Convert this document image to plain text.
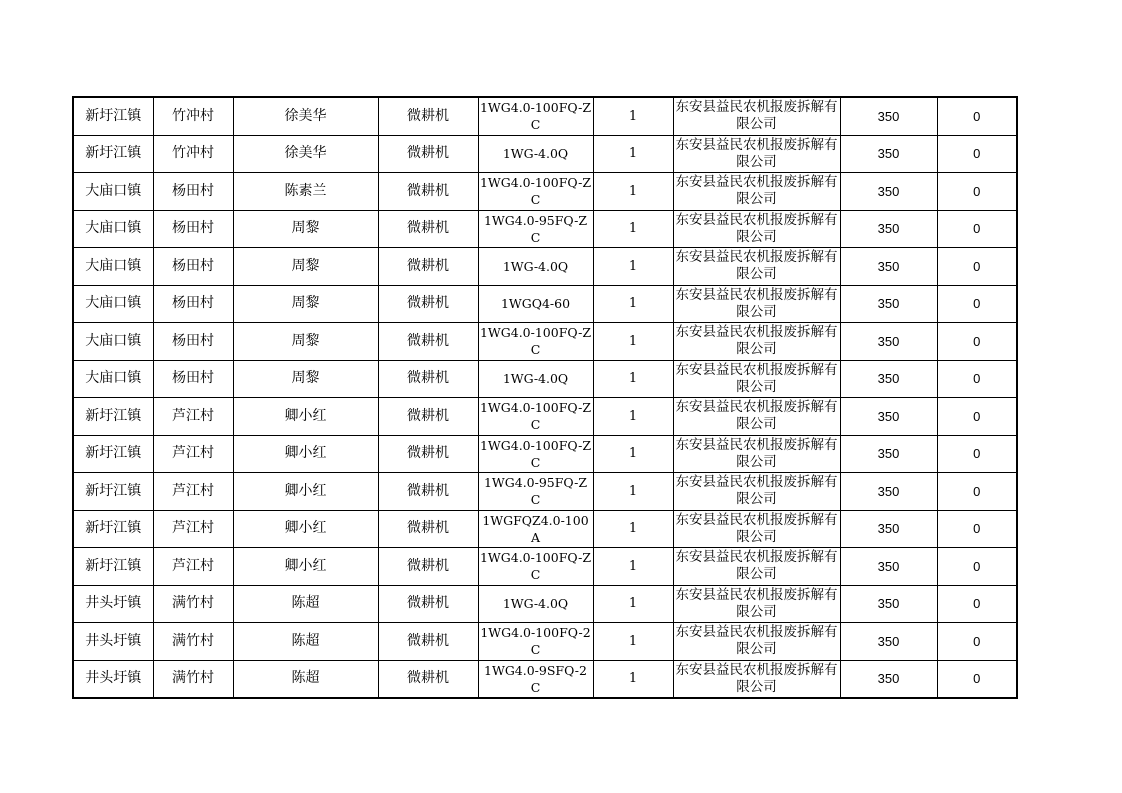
新圩江镇	竹冲村	徐美华	微耕机	1WG4.0-100FQ-ZC	1	东安县益民农机报废拆解有限公司	350	0
新圩江镇	竹冲村	徐美华	微耕机	1WG-4.0Q	1	东安县益民农机报废拆解有限公司	350	0
大庙口镇	杨田村	陈素兰	微耕机	1WG4.0-100FQ-ZC	1	东安县益民农机报废拆解有限公司	350	0
大庙口镇	杨田村	周黎	微耕机	1WG4.0-95FQ-ZC	1	东安县益民农机报废拆解有限公司	350	0
大庙口镇	杨田村	周黎	微耕机	1WG-4.0Q	1	东安县益民农机报废拆解有限公司	350	0
大庙口镇	杨田村	周黎	微耕机	1WGQ4-60	1	东安县益民农机报废拆解有限公司	350	0
大庙口镇	杨田村	周黎	微耕机	1WG4.0-100FQ-ZC	1	东安县益民农机报废拆解有限公司	350	0
大庙口镇	杨田村	周黎	微耕机	1WG-4.0Q	1	东安县益民农机报废拆解有限公司	350	0
新圩江镇	芦江村	卿小红	微耕机	1WG4.0-100FQ-ZC	1	东安县益民农机报废拆解有限公司	350	0
新圩江镇	芦江村	卿小红	微耕机	1WG4.0-100FQ-ZC	1	东安县益民农机报废拆解有限公司	350	0
新圩江镇	芦江村	卿小红	微耕机	1WG4.0-95FQ-ZC	1	东安县益民农机报废拆解有限公司	350	0
新圩江镇	芦江村	卿小红	微耕机	1WGFQZ4.0-100A	1	东安县益民农机报废拆解有限公司	350	0
新圩江镇	芦江村	卿小红	微耕机	1WG4.0-100FQ-ZC	1	东安县益民农机报废拆解有限公司	350	0
井头圩镇	满竹村	陈超	微耕机	1WG-4.0Q	1	东安县益民农机报废拆解有限公司	350	0
井头圩镇	满竹村	陈超	微耕机	1WG4.0-100FQ-2C	1	东安县益民农机报废拆解有限公司	350	0
井头圩镇	满竹村	陈超	微耕机	1WG4.0-9SFQ-2C	1	东安县益民农机报废拆解有限公司	350	0
